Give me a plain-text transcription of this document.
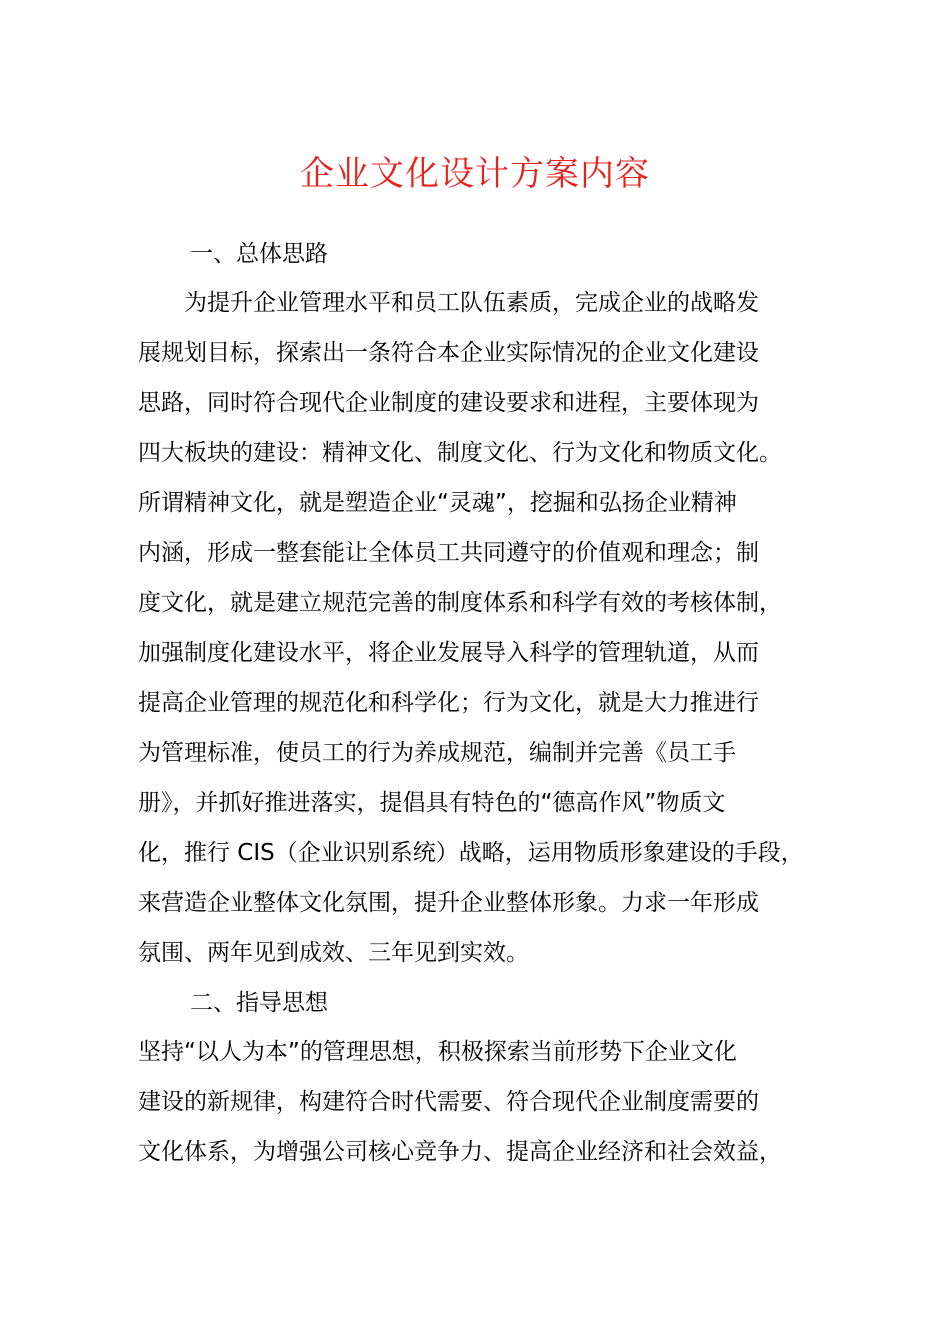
企业文化设计方案内容
一、总体思路
　　为提升企业管理水平和员工队伍素质，完成企业的战略发
展规划目标，探索出一条符合本企业实际情况的企业文化建设
思路，同时符合现代企业制度的建设要求和进程，主要体现为
四大板块的建设：精神文化、制度文化、行为文化和物质文化。
所谓精神文化，就是塑造企业“灵魂”，挖掘和弘扬企业精神
内涵，形成一整套能让全体员工共同遵守的价值观和理念；制
度文化，就是建立规范完善的制度体系和科学有效的考核体制，
加强制度化建设水平，将企业发展导入科学的管理轨道，从而
提高企业管理的规范化和科学化；行为文化，就是大力推进行
为管理标准，使员工的行为养成规范，编制并完善《员工手
册》，并抓好推进落实，提倡具有特色的“德高作风”物质文
化，推行 CIS（企业识别系统）战略，运用物质形象建设的手段，
来营造企业整体文化氛围，提升企业整体形象。力求一年形成
氛围、两年见到成效、三年见到实效。
二、指导思想
坚持“以人为本”的管理思想，积极探索当前形势下企业文化
建设的新规律，构建符合时代需要、符合现代企业制度需要的
文化体系，为增强公司核心竞争力、提高企业经济和社会效益，
